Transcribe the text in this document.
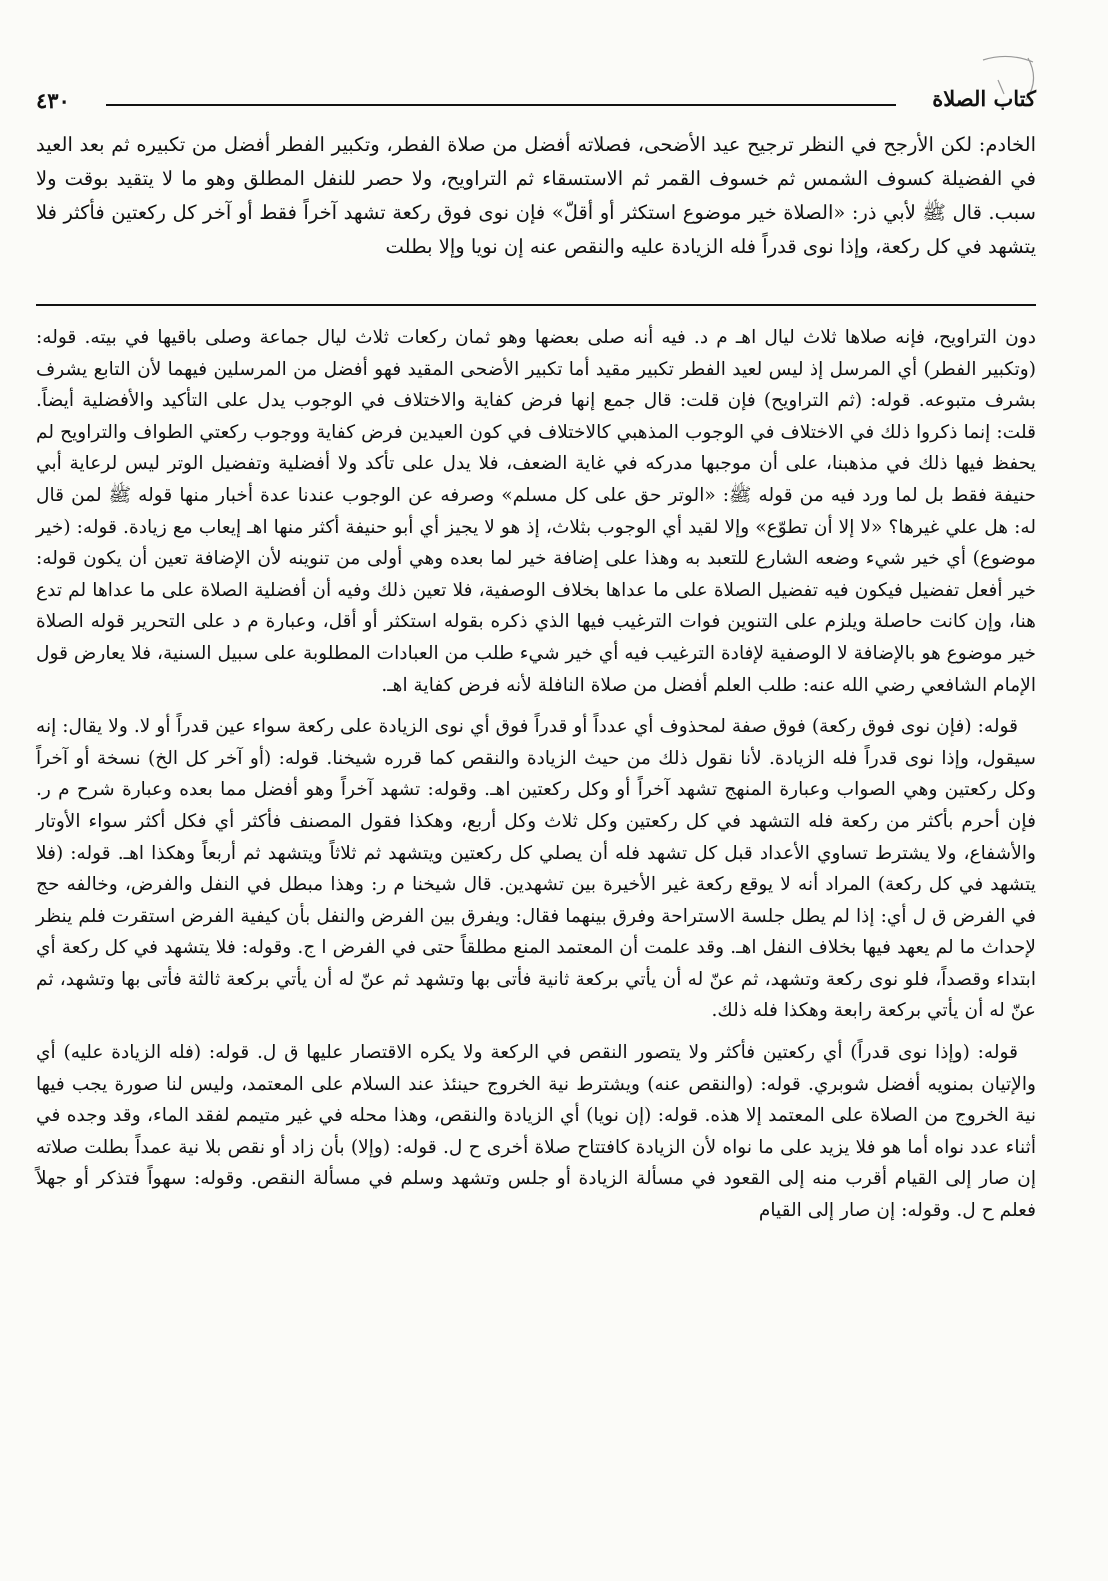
٤٣٠	كتاب الصلاة
الخادم: لكن الأرجح في النظر ترجيح عيد الأضحى، فصلاته أفضل من صلاة الفطر، وتكبير الفطر أفضل من تكبيره ثم بعد العيد في الفضيلة كسوف الشمس ثم خسوف القمر ثم الاستسقاء ثم التراويح، ولا حصر للنفل المطلق وهو ما لا يتقيد بوقت ولا سبب. قال ﷺ لأبي ذر: «الصلاة خير موضوع استكثر أو أقلّ» فإن نوى فوق ركعة تشهد آخراً فقط أو آخر كل ركعتين فأكثر فلا يتشهد في كل ركعة، وإذا نوى قدراً فله الزيادة عليه والنقص عنه إن نويا وإلا بطلت

دون التراويح، فإنه صلاها ثلاث ليال اهـ م د. فيه أنه صلى بعضها وهو ثمان ركعات ثلاث ليال جماعة وصلى باقيها في بيته. قوله: (وتكبير الفطر) أي المرسل إذ ليس لعيد الفطر تكبير مقيد أما تكبير الأضحى المقيد فهو أفضل من المرسلين فيهما لأن التابع يشرف بشرف متبوعه. قوله: (ثم التراويح) فإن قلت: قال جمع إنها فرض كفاية والاختلاف في الوجوب يدل على التأكيد والأفضلية أيضاً. قلت: إنما ذكروا ذلك في الاختلاف في الوجوب المذهبي كالاختلاف في كون العيدين فرض كفاية ووجوب ركعتي الطواف والتراويح لم يحفظ فيها ذلك في مذهبنا، على أن موجبها مدركه في غاية الضعف، فلا يدل على تأكد ولا أفضلية وتفضيل الوتر ليس لرعاية أبي حنيفة فقط بل لما ورد فيه من قوله ﷺ: «الوتر حق على كل مسلم» وصرفه عن الوجوب عندنا عدة أخبار منها قوله ﷺ لمن قال له: هل علي غيرها؟ «لا إلا أن تطوّع» وإلا لقيد أي الوجوب بثلاث، إذ هو لا يجيز أي أبو حنيفة أكثر منها اهـ إيعاب مع زيادة. قوله: (خير موضوع) أي خير شيء وضعه الشارع للتعبد به وهذا على إضافة خير لما بعده وهي أولى من تنوينه لأن الإضافة تعين أن يكون قوله: خير أفعل تفضيل فيكون فيه تفضيل الصلاة على ما عداها بخلاف الوصفية، فلا تعين ذلك وفيه أن أفضلية الصلاة على ما عداها لم تدع هنا، وإن كانت حاصلة ويلزم على التنوين فوات الترغيب فيها الذي ذكره بقوله استكثر أو أقل، وعبارة م د على التحرير قوله الصلاة خير موضوع هو بالإضافة لا الوصفية لإفادة الترغيب فيه أي خير شيء طلب من العبادات المطلوبة على سبيل السنية، فلا يعارض قول الإمام الشافعي رضي الله عنه: طلب العلم أفضل من صلاة النافلة لأنه فرض كفاية اهـ.

قوله: (فإن نوى فوق ركعة) فوق صفة لمحذوف أي عدداً أو قدراً فوق أي نوى الزيادة على ركعة سواء عين قدراً أو لا. ولا يقال: إنه سيقول، وإذا نوى قدراً فله الزيادة. لأنا نقول ذلك من حيث الزيادة والنقص كما قرره شيخنا. قوله: (أو آخر كل الخ) نسخة أو آخراً وكل ركعتين وهي الصواب وعبارة المنهج تشهد آخراً أو وكل ركعتين اهـ. وقوله: تشهد آخراً وهو أفضل مما بعده وعبارة شرح م ر. فإن أحرم بأكثر من ركعة فله التشهد في كل ركعتين وكل ثلاث وكل أربع، وهكذا فقول المصنف فأكثر أي فكل أكثر سواء الأوتار والأشفاع، ولا يشترط تساوي الأعداد قبل كل تشهد فله أن يصلي كل ركعتين ويتشهد ثم ثلاثاً ويتشهد ثم أربعاً وهكذا اهـ. قوله: (فلا يتشهد في كل ركعة) المراد أنه لا يوقع ركعة غير الأخيرة بين تشهدين. قال شيخنا م ر: وهذا مبطل في النفل والفرض، وخالفه حج في الفرض ق ل أي: إذا لم يطل جلسة الاستراحة وفرق بينهما فقال: ويفرق بين الفرض والنفل بأن كيفية الفرض استقرت فلم ينظر لإحداث ما لم يعهد فيها بخلاف النفل اهـ. وقد علمت أن المعتمد المنع مطلقاً حتى في الفرض ا ج. وقوله: فلا يتشهد في كل ركعة أي ابتداء وقصداً، فلو نوى ركعة وتشهد، ثم عنّ له أن يأتي بركعة ثانية فأتى بها وتشهد ثم عنّ له أن يأتي بركعة ثالثة فأتى بها وتشهد، ثم عنّ له أن يأتي بركعة رابعة وهكذا فله ذلك.

قوله: (وإذا نوى قدراً) أي ركعتين فأكثر ولا يتصور النقص في الركعة ولا يكره الاقتصار عليها ق ل. قوله: (فله الزيادة عليه) أي والإتيان بمنويه أفضل شوبري. قوله: (والنقص عنه) ويشترط نية الخروج حينئذ عند السلام على المعتمد، وليس لنا صورة يجب فيها نية الخروج من الصلاة على المعتمد إلا هذه. قوله: (إن نويا) أي الزيادة والنقص، وهذا محله في غير متيمم لفقد الماء، وقد وجده في أثناء عدد نواه أما هو فلا يزيد على ما نواه لأن الزيادة كافتتاح صلاة أخرى ح ل. قوله: (وإلا) بأن زاد أو نقص بلا نية عمداً بطلت صلاته إن صار إلى القيام أقرب منه إلى القعود في مسألة الزيادة أو جلس وتشهد وسلم في مسألة النقص. وقوله: سهواً فتذكر أو جهلاً فعلم ح ل. وقوله: إن صار إلى القيام
